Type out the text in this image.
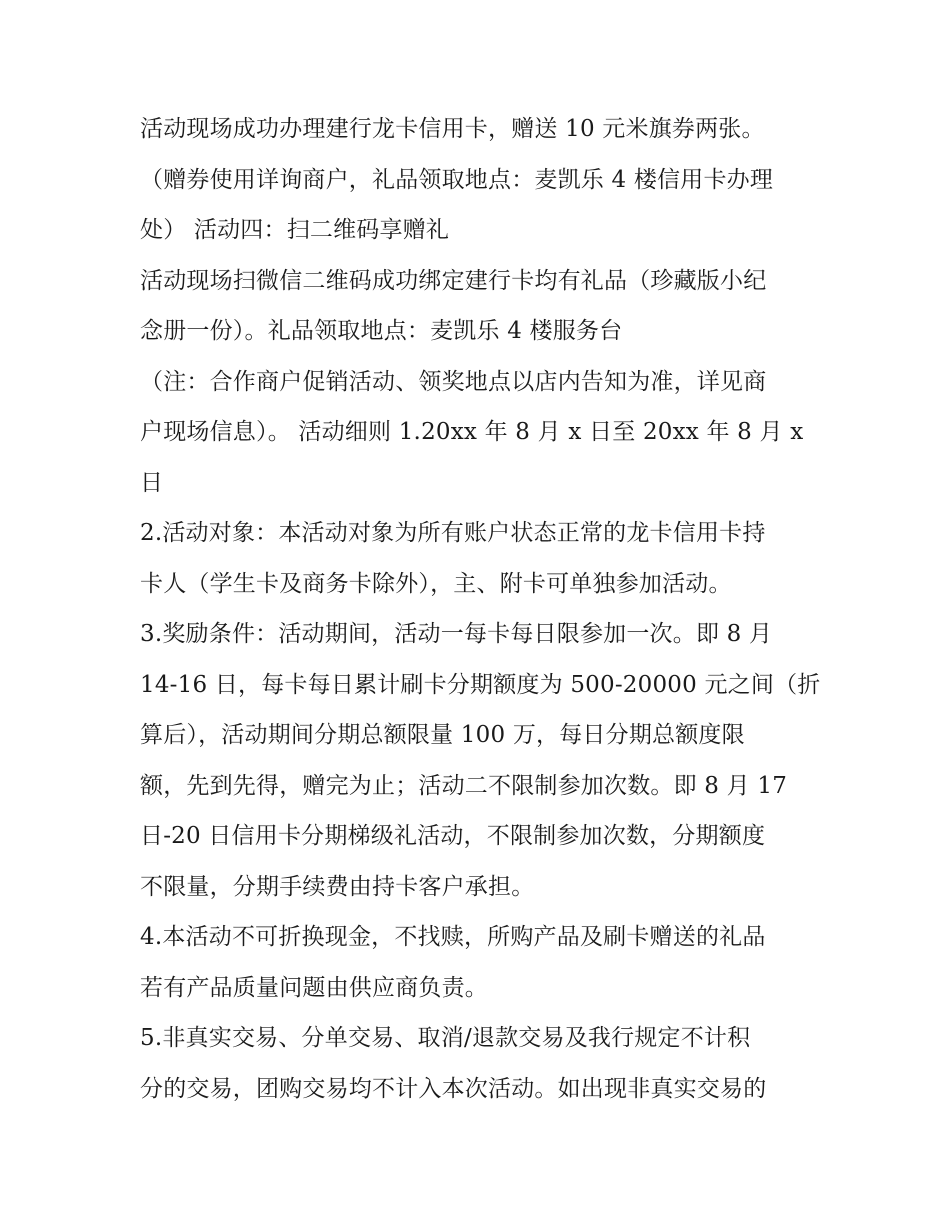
活动现场成功办理建行龙卡信用卡，赠送 10 元米旗券两张。
（赠券使用详询商户，礼品领取地点：麦凯乐 4 楼信用卡办理
处） 活动四：扫二维码享赠礼
活动现场扫微信二维码成功绑定建行卡均有礼品（珍藏版小纪
念册一份）。礼品领取地点：麦凯乐 4 楼服务台
（注：合作商户促销活动、领奖地点以店内告知为准，详见商
户现场信息）。 活动细则 1.20xx 年 8 月 x 日至 20xx 年 8 月 x
日
2.活动对象：本活动对象为所有账户状态正常的龙卡信用卡持
卡人（学生卡及商务卡除外），主、附卡可单独参加活动。
3.奖励条件：活动期间，活动一每卡每日限参加一次。即 8 月
14-16 日，每卡每日累计刷卡分期额度为 500-20000 元之间（折
算后），活动期间分期总额限量 100 万，每日分期总额度限
额，先到先得，赠完为止；活动二不限制参加次数。即 8 月 17
日-20 日信用卡分期梯级礼活动，不限制参加次数，分期额度
不限量，分期手续费由持卡客户承担。
4.本活动不可折换现金，不找赎，所购产品及刷卡赠送的礼品
若有产品质量问题由供应商负责。
5.非真实交易、分单交易、取消/退款交易及我行规定不计积
分的交易，团购交易均不计入本次活动。如出现非真实交易的
